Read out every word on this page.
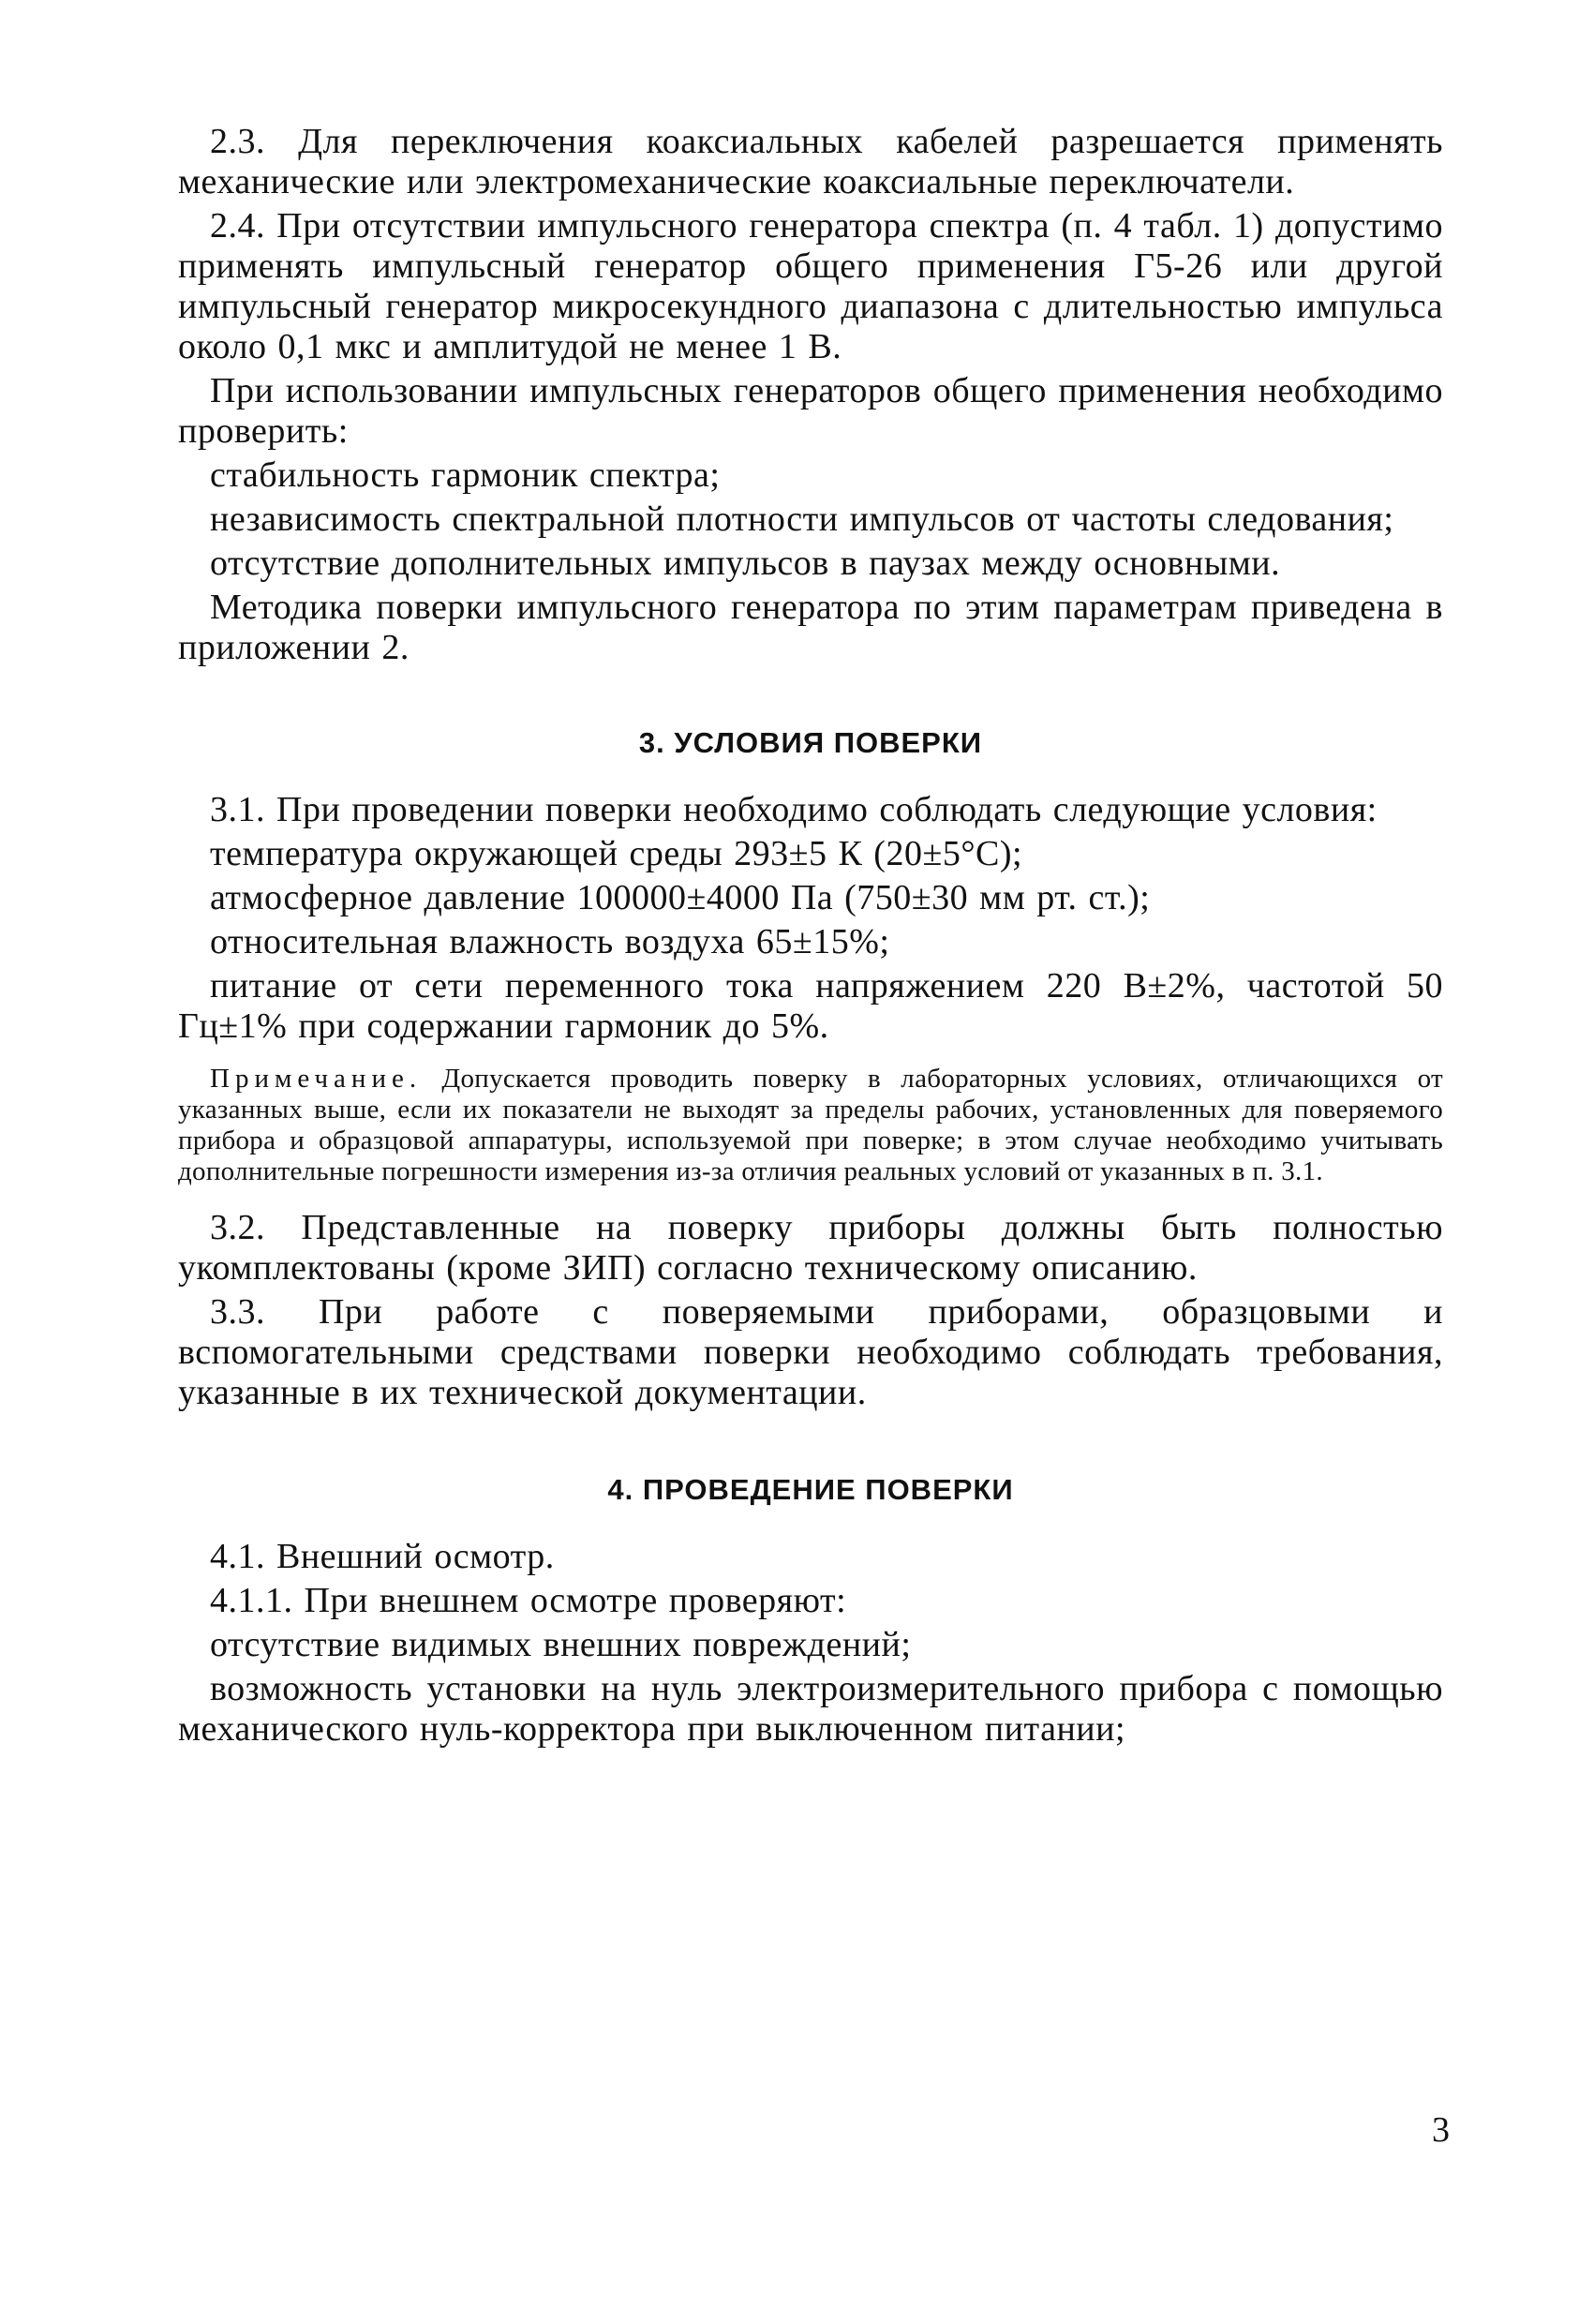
2.3. Для переключения коаксиальных кабелей разрешается применять механические или электромеханические коаксиальные переключатели.

2.4. При отсутствии импульсного генератора спектра (п. 4 табл. 1) допустимо применять импульсный генератор общего применения Г5-26 или другой импульсный генератор микросекундного диапазона с длительностью импульса около 0,1 мкс и амплитудой не менее 1 В.

При использовании импульсных генераторов общего применения необходимо проверить:

стабильность гармоник спектра;

независимость спектральной плотности импульсов от частоты следования;

отсутствие дополнительных импульсов в паузах между основными.

Методика поверки импульсного генератора по этим параметрам приведена в приложении 2.

3. УСЛОВИЯ ПОВЕРКИ

3.1. При проведении поверки необходимо соблюдать следующие условия:

температура окружающей среды 293±5 К (20±5°С);

атмосферное давление 100000±4000 Па (750±30 мм рт. ст.);

относительная влажность воздуха 65±15%;

питание от сети переменного тока напряжением 220 В±2%, частотой 50 Гц±1% при содержании гармоник до 5%.

Примечание. Допускается проводить поверку в лабораторных условиях, отличающихся от указанных выше, если их показатели не выходят за пределы рабочих, установленных для поверяемого прибора и образцовой аппаратуры, используемой при поверке; в этом случае необходимо учитывать дополнительные погрешности измерения из-за отличия реальных условий от указанных в п. 3.1.

3.2. Представленные на поверку приборы должны быть полностью укомплектованы (кроме ЗИП) согласно техническому описанию.

3.3. При работе с поверяемыми приборами, образцовыми и вспомогательными средствами поверки необходимо соблюдать требования, указанные в их технической документации.

4. ПРОВЕДЕНИЕ ПОВЕРКИ

4.1. Внешний осмотр.

4.1.1. При внешнем осмотре проверяют:

отсутствие видимых внешних повреждений;

возможность установки на нуль электроизмерительного прибора с помощью механического нуль-корректора при выключенном питании;

3
